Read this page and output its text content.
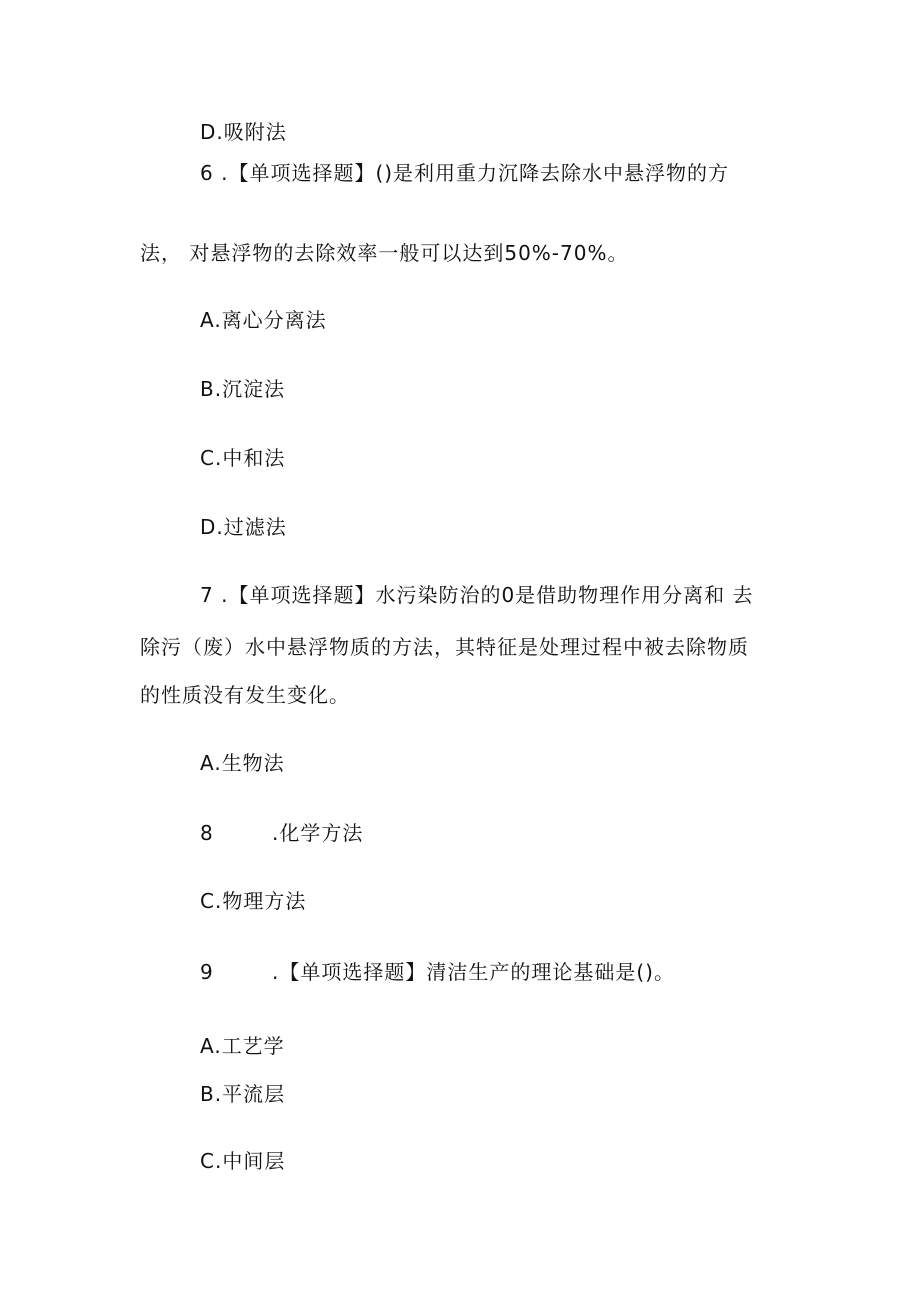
D.吸附法
6 .【单项选择题】()是利用重力沉降去除水中悬浮物的方
法， 对悬浮物的去除效率一般可以达到50%-70%。
A.离心分离法
B.沉淀法
C.中和法
D.过滤法
7 .【单项选择题】水污染防治的0是借助物理作用分离和 去
除污（废）水中悬浮物质的方法，其特征是处理过程中被去除物质
的性质没有发生变化。
A.生物法
8	.化学方法
C.物理方法
9	.【单项选择题】清洁生产的理论基础是()。
A.工艺学
B.平流层
C.中间层
